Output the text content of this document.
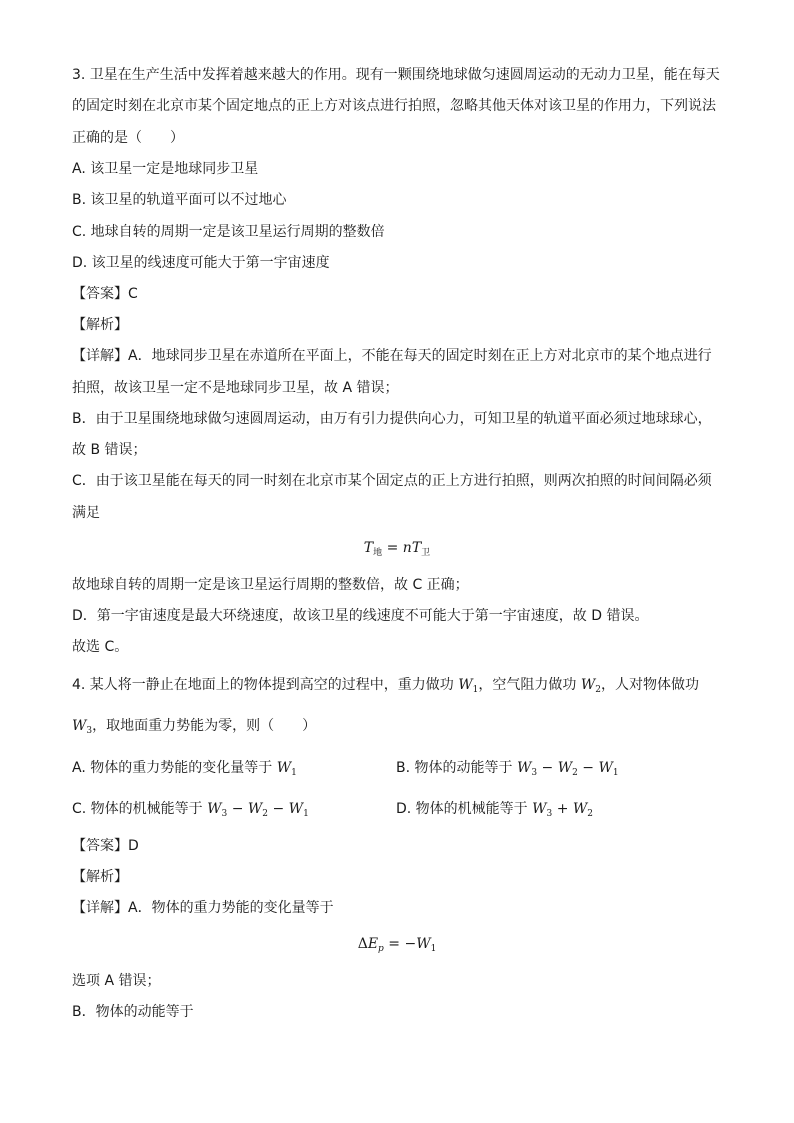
3. 卫星在生产生活中发挥着越来越大的作用。现有一颗围绕地球做匀速圆周运动的无动力卫星，能在每天
的固定时刻在北京市某个固定地点的正上方对该点进行拍照，忽略其他天体对该卫星的作用力，下列说法
正确的是（　　）
A. 该卫星一定是地球同步卫星
B. 该卫星的轨道平面可以不过地心
C. 地球自转的周期一定是该卫星运行周期的整数倍
D. 该卫星的线速度可能大于第一宇宙速度
【答案】C
【解析】
【详解】A．地球同步卫星在赤道所在平面上，不能在每天的固定时刻在正上方对北京市的某个地点进行
拍照，故该卫星一定不是地球同步卫星，故 A 错误；
B．由于卫星围绕地球做匀速圆周运动，由万有引力提供向心力，可知卫星的轨道平面必须过地球球心，
故 B 错误；
C．由于该卫星能在每天的同一时刻在北京市某个固定点的正上方进行拍照，则两次拍照的时间间隔必须
满足
$T_地 = nT_卫$
故地球自转的周期一定是该卫星运行周期的整数倍，故 C 正确；
D．第一宇宙速度是最大环绕速度，故该卫星的线速度不可能大于第一宇宙速度，故 D 错误。
故选 C。
4. 某人将一静止在地面上的物体提到高空的过程中，重力做功 $W_1$，空气阻力做功 $W_2$，人对物体做功
$W_3$，取地面重力势能为零，则（　　）
A. 物体的重力势能的变化量等于 $W_1$	B. 物体的动能等于 $W_3 - W_2 - W_1$
C. 物体的机械能等于 $W_3 - W_2 - W_1$	D. 物体的机械能等于 $W_3 + W_2$
【答案】D
【解析】
【详解】A．物体的重力势能的变化量等于
$\Delta E_p = -W_1$
选项 A 错误；
B．物体的动能等于
